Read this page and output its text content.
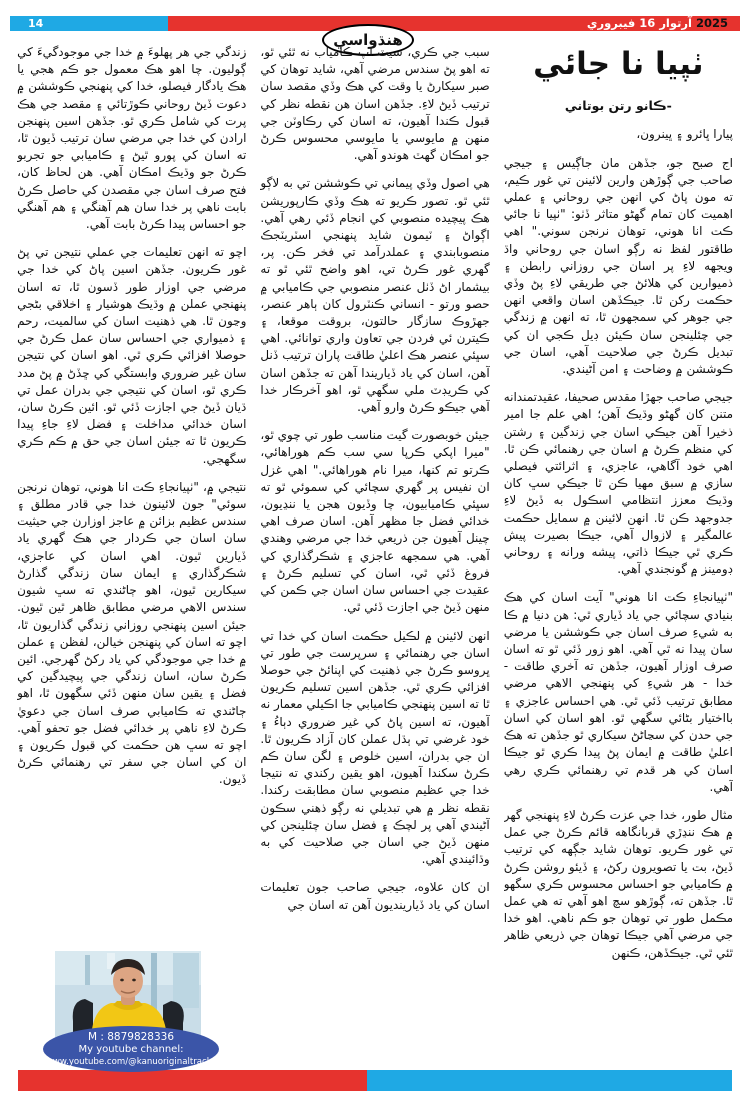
14	2025 آرتوار 16 فيبروري
هنڌواسي
ٺپيا نا جائي
-ڪانو رتن بوتاني

پيارا ڀائرو ۽ ڀينرون،

اج صبح جو، جڏهن مان جاڳيس ۽ جيجي صاحب جي ڳوڙهن وارين لائينن تي غور ڪيم، ته مون پاڻ کي انهن جي روحاني ۽ عملي اهميت کان تمام گهڻو متاثر ڏٺو: "ٺپيا نا جائي ڪت انا هوني، توهان نرنجن سوني." اهي طاقتور لفظ نه رڳو اسان جي روحاني واڌ ويجهه لاءِ پر اسان جي روزاني رابطن ۽ ذميوارين کي هلائڻ جي طريقي لاءِ پڻ وڏي حڪمت رکن ٿا. جيڪڏهن اسان واقعي انهن جي جوهر کي سمجهون ٿا، ته انهن ۾ زندگي جي چئلينجن سان ڪيئن ڊيل ڪجي ان کي تبديل ڪرڻ جي صلاحيت آهي، اسان جي ڪوششن ۾ وضاحت ۽ امن آڻيندي.

جيجي صاحب جهڙا مقدس صحيفا، عقيدتمندانه متنن کان گهڻو وڌيڪ آهن؛ اهي علم جا امير ذخيرا آهن جيڪي اسان جي زندگين ۽ رشتن کي منظم ڪرڻ ۾ اسان جي رهنمائي ڪن ٿا. اهي خود آگاهي، عاجزي، ۽ اثرائتي فيصلي سازي ۾ سبق مهيا ڪن ٿا جيڪي سڀ کان وڌيڪ معزز انتظامي اسڪول به ڏيڻ لاءِ جدوجهد ڪن ٿا. انهن لائينن ۾ سمايل حڪمت عالمگير ۽ لازوال آهي، جيڪا بصيرت پيش ڪري ٿي جيڪا ذاتي، پيشه ورانه ۽ روحاني ڊومينز ۾ گونجندي آهي.

"ٺپيانجاءِ ڪت انا هوني" آيت اسان کي هڪ بنيادي سچائي جي ياد ڏياري ٿي: هن دنيا ۾ ڪا به شيءِ صرف اسان جي ڪوششن يا مرضي سان پيدا نه ٿي آهي. اهو زور ڏئي ٿو ته اسان صرف اوزار آهيون، جڏهن ته آخري طاقت - خدا - هر شيءِ کي پنهنجي الاهي مرضي مطابق ترتيب ڏئي ٿي. هي احساس عاجزي ۽ بااختيار بڻائي سگهي ٿو. اهو اسان کي اسان جي حدن کي سڃاڻڻ سيکاري ٿو جڏهن ته هڪ اعليٰ طاقت ۾ ايمان پڻ پيدا ڪري ٿو جيڪا اسان کي هر قدم تي رهنمائي ڪري رهي آهي.

مثال طور، خدا جي عزت ڪرڻ لاءِ پنهنجي گهر ۾ هڪ ننڍڙي قربانگاهه قائم ڪرڻ جي عمل تي غور ڪريو. توهان شايد جڳهه کي ترتيب ڏيڻ، بت يا تصويرون رکڻ، ۽ ڏيئو روشن ڪرڻ ۾ ڪاميابي جو احساس محسوس ڪري سگهو ٿا. جڏهن ته، ڳوڙهو سچ اهو آهي ته هي عمل مڪمل طور تي توهان جو ڪم ناهي. اهو خدا جي مرضي آهي جيڪا توهان جي ذريعي ظاهر ٿئي ٿي. جيڪڏهن، ڪنهن

سبب جي ڪري، سيٽ اپ ڪامياب نه ٿئي ٿو، ته اهو پڻ سندس مرضي آهي، شايد توهان کي صبر سيکارڻ يا وقت کي هڪ وڏي مقصد سان ترتيب ڏيڻ لاءِ. جڏهن اسان هن نقطه نظر کي قبول ڪندا آهيون، ته اسان کي رڪاوٽن جي منهن ۾ مايوسي يا مايوسي محسوس ڪرڻ جو امڪان گهٽ هوندو آهي.

هي اصول وڏي پيماني تي ڪوششن تي به لاڳو ٿئي ٿو. تصور ڪريو ته هڪ وڏي ڪارپوريشن هڪ پيچيده منصوبي کي انجام ڏئي رهي آهي. اڳواڻ ۽ ٽيمون شايد پنهنجي اسٽريٽجڪ منصوبابندي ۽ عملدرآمد تي فخر ڪن. پر، گهري غور ڪرڻ تي، اهو واضح ٿئي ٿو ته بيشمار اڻ ڏٺل عنصر منصوبي جي ڪاميابي ۾ حصو ورتو - انساني ڪنٽرول کان ٻاهر عنصر، جهڙوڪ سازگار حالتون، بروقت موقعا، ۽ ڪيترن ئي فردن جي تعاون واري توانائي. اهي سڀئي عنصر هڪ اعليٰ طاقت پاران ترتيب ڏنل آهن، اسان کي ياد ڏياريندا آهن ته جڏهن اسان کي ڪريڊٽ ملي سگهي ٿو، اهو آخرڪار خدا آهي جيڪو ڪرڻ وارو آهي.

جيئن خوبصورت گيت مناسب طور تي چوي ٿو، "ميرا اپکي ڪرپا سي سب ڪم هوراهائي، ڪرتو تم کنها، ميرا نام هوراهائي." اهي غزل ان نفيس پر گهري سچائي کي سموئي ٿو ته سڀئي ڪاميابيون، چا وڏيون هجن يا ننڍيون، خدائي فضل جا مظهر آهن. اسان صرف اهي چينل آهيون جن ذريعي خدا جي مرضي وهندي آهي. هي سمجهه عاجزي ۽ شڪرگذاري کي فروغ ڏئي ٿي، اسان کي تسليم ڪرڻ ۽ عقيدت جي احساس سان اسان جي ڪمن کي منهن ڏيڻ جي اجازت ڏئي ٿي.

انهن لائينن ۾ لڪيل حڪمت اسان کي خدا تي اسان جي رهنمائي ۽ سرپرست جي طور تي ڀروسو ڪرڻ جي ذهنيت کي اپنائڻ جي حوصلا افزائي ڪري ٿي. جڏهن اسين تسليم ڪريون ٿا ته اسين پنهنجي ڪاميابي جا اڪيلي معمار نه آهيون، ته اسين پاڻ کي غير ضروري دٻاءُ ۽ خود غرضي تي ٻڌل عملن کان آزاد ڪريون ٿا. ان جي بدران، اسين خلوص ۽ لگن سان ڪم ڪرڻ سکندا آهيون، اهو يقين رکندي ته نتيجا خدا جي عظيم منصوبي سان مطابقت رکندا. نقطه نظر ۾ هي تبديلي نه رڳو ذهني سڪون آڻيندي آهي پر لچڪ ۽ فضل سان چئلينجن کي منهن ڏيڻ جي اسان جي صلاحيت کي به وڌائيندي آهي.

ان کان علاوه، جيجي صاحب جون تعليمات اسان کي ياد ڏياريندیون آهن ته اسان جي

زندگي جي هر پهلوءَ ۾ خدا جي موجودگيءَ کي ڳوليون. چا اهو هڪ معمول جو ڪم هجي يا هڪ يادگار فيصلو، خدا کي پنهنجي ڪوششن ۾ دعوت ڏيڻ روحاني ڪوڙتائي ۽ مقصد جي هڪ پرت کي شامل ڪري ٿو. جڏهن اسين پنهنجن ارادن کي خدا جي مرضي سان ترتيب ڏيون ٿا، ته اسان کي پورو ٿيڻ ۽ ڪاميابي جو تجربو ڪرڻ جو وڌيڪ امڪان آهي. هن لحاظ کان، فتح صرف اسان جي مقصدن کي حاصل ڪرڻ بابت ناهي پر خدا سان هم آهنگي ۽ هم آهنگي جو احساس پيدا ڪرڻ بابت آهي.

اچو ته انهن تعليمات جي عملي نتيجن تي پڻ غور ڪريون. جڏهن اسين پاڻ کي خدا جي مرضي جي اوزار طور ڏسون ٿا، ته اسان پنهنجي عملن ۾ وڌيڪ هوشيار ۽ اخلاقي بڻجي وڃون ٿا. هي ذهنيت اسان کي سالميت، رحم ۽ ذميواري جي احساس سان عمل ڪرڻ جي حوصلا افزائي ڪري ٿي. اهو اسان کي نتيجن سان غير ضروري وابستگي کي ڇڏڻ ۾ پڻ مدد ڪري ٿو، اسان کي نتيجي جي بدران عمل تي ڌيان ڏيڻ جي اجازت ڏئي ٿو. ائين ڪرڻ سان، اسان خدائي مداخلت ۽ فضل لاءِ جاءِ پيدا ڪريون ٿا ته جيئن اسان جي حق ۾ ڪم ڪري سگهجي.

نتيجي ۾، "ٺپيانجاءِ ڪت انا هوني، توهان نرنجن سوئي" جون لائينون خدا جي قادر مطلق ۽ سندس عظيم بزائن ۾ عاجز اوزارن جي حيثيت سان اسان جي ڪردار جي هڪ گهري ياد ڏيارين ٿيون. اهي اسان کي عاجزي، شڪرگذاري ۽ ايمان سان زندگي گذارڻ سيکارين ٿيون، اهو ڄاڻندي ته سڀ شيون سندس الاهي مرضي مطابق ظاهر ٿين ٿيون. جيئن اسين پنهنجي روزاني زندگي گذاريون ٿا، اچو ته اسان کي پنهنجن خيالن، لفظن ۽ عملن ۾ خدا جي موجودگي کي ياد رکڻ گهرجي. ائين ڪرڻ سان، اسان زندگي جي پيچيدگين کي فضل ۽ يقين سان منهن ڏئي سگهون ٿا، اهو ڄاڻندي ته ڪاميابي صرف اسان جي دعويٰ ڪرڻ لاءِ ناهي پر خدائي فضل جو تحفو آهي. اچو ته سڀ هن حڪمت کي قبول ڪريون ۽ ان کي اسان جي سفر تي رهنمائي ڪرڻ ڏيون.

M : 8879828336
My youtube channel:
www.youtube.com/@kanuoriginaltracks
